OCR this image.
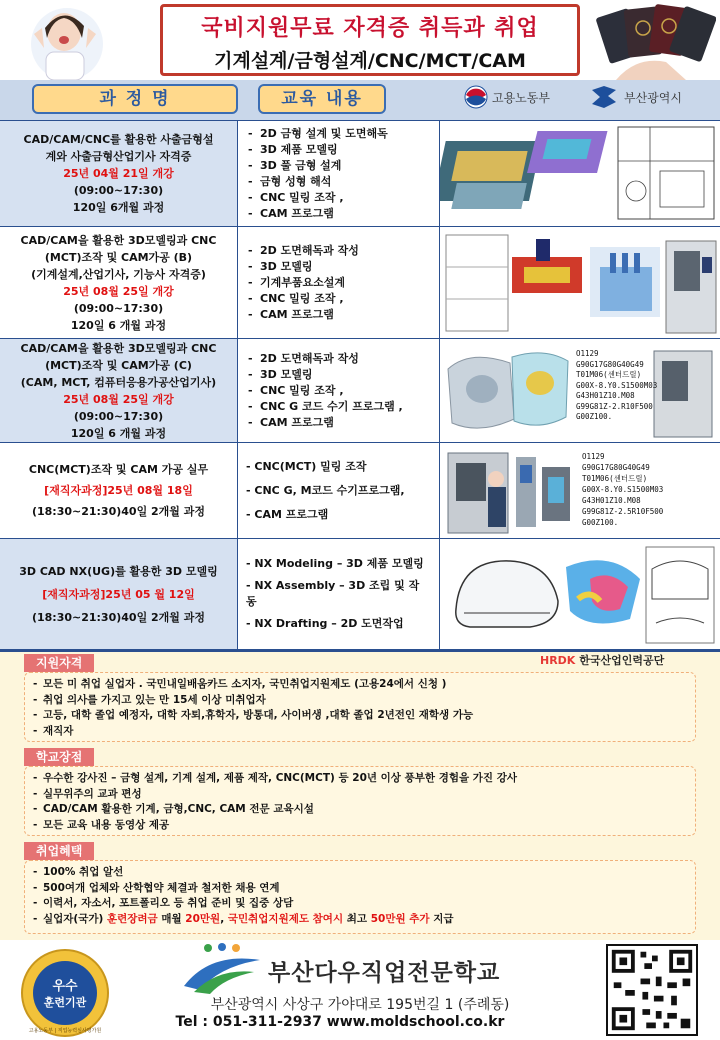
국비지원무료 자격증 취득과 취업
기계설계/금형설계/CNC/MCT/CAM
과 정 명	교육 내용	고용노동부	부산광역시
CAD/CAM/CNC를 활용한 사출금형설
계와 사출금형산업기사 자격증
25년 04월 21일 개강
(09:00~17:30)
120일 6개월 과정
- 2D 금형 설계 및 도면해독
- 3D 제품 모델링
- 3D 풀 금형 설계
- 금형 성형 해석
- CNC 밀링 조작 ,
- CAM 프로그램
CAD/CAM을 활용한 3D모델링과 CNC
(MCT)조작 및 CAM가공 (B)
(기계설계,산업기사, 기능사 자격증)
25년 08월 25일 개강
(09:00~17:30)
120일 6 개월 과정
- 2D 도면해독과 작성
- 3D 모델링
- 기계부품요소설계
- CNC 밀링 조작 ,
- CAM 프로그램
CAD/CAM을 활용한 3D모델링과 CNC
(MCT)조작 및 CAM가공 (C)
(CAM, MCT, 컴퓨터응용가공산업기사)
25년 08월 25일 개강
(09:00~17:30)
120일 6 개월 과정
- 2D 도면해독과 작성
- 3D 모델링
- CNC 밀링 조작 ,
- CNC G 코드 수기 프로그램 ,
- CAM 프로그램
O1129
G90G17G80G40G49
T01M06(센터드릴)
G00X-8.Y0.S1500M03
G43H01Z10.M08
G99G81Z-2.R10F500
G00Z100.
CNC(MCT)조작 및 CAM 가공 실무
[재직자과정]25년 08월 18일
(18:30~21:30)40일 2개월 과정
- CNC(MCT) 밀링 조작
- CNC G, M코드 수기프로그램,
- CAM 프로그램
O1129
G90G17G80G40G49
T01M06(센터드릴)
G00X-8.Y0.S1500M03
G43H01Z10.M08
G99G81Z-2.5R10F500
G00Z100.
3D CAD NX(UG)를 활용한 3D 모델링
[재직자과정]25년 05 월 12일
(18:30~21:30)40일 2개월 과정
- NX Modeling – 3D 제품 모델링
- NX Assembly – 3D 조립 및 작동
- NX Drafting – 2D 도면작업
HRDK 한국산업인력공단
지원자격
- 모든 미 취업 실업자 . 국민내일배움카드 소지자, 국민취업지원제도 (고용24에서 신청 )
- 취업 의사를 가지고 있는 만 15세 이상 미취업자
- 고등, 대학 졸업 예정자, 대학 자퇴,휴학자, 방통대, 사이버생 ,대학 졸업 2년전인 재학생 가능
- 재직자
학교장점
- 우수한 강사진 – 금형 설계, 기계 설계, 제품 제작, CNC(MCT) 등 20년 이상 풍부한 경험을 가진 강사
- 실무위주의 교과 편성
- CAD/CAM 활용한 기계, 금형,CNC, CAM 전문 교육시설
- 모든 교육 내용 동영상 제공
취업혜택
- 100% 취업 알선
- 500여개 업체와 산학협약 체결과 철저한 채용 연계
- 이력서, 자소서, 포트폴리오 등 취업 준비 및 집중 상담
- 실업자(국가) 훈련장려금 매월 20만원, 국민취업지원제도 참여시 최고 50만원 추가 지급
우수
훈련기관
고용노동부 | 직업능력심사평가원
부산다우직업전문학교
부산광역시 사상구 가야대로 195번길 1 (주례동)
Tel : 051-311-2937 www.moldschool.co.kr
